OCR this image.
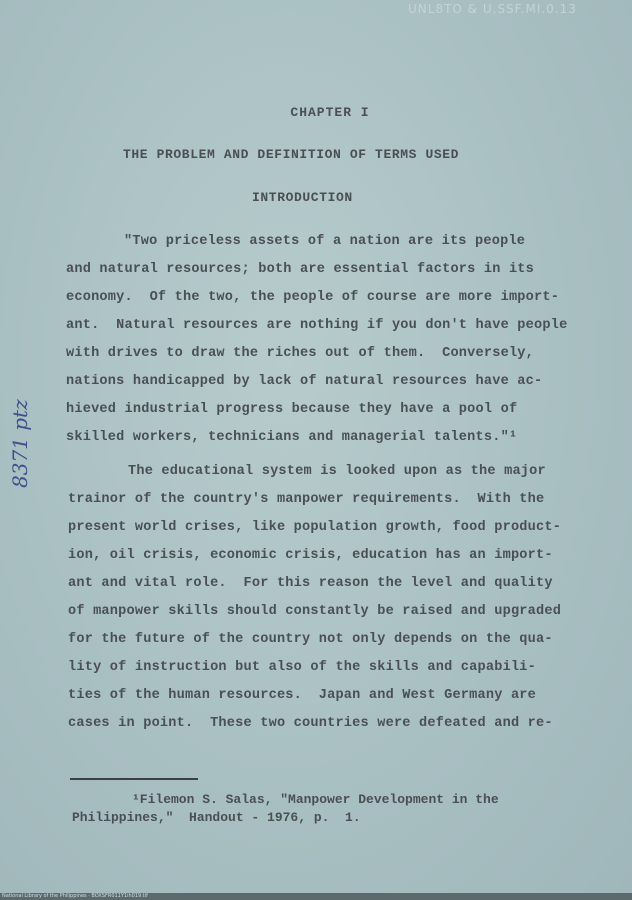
UNL8TO & U.SSF.MI.0.13
CHAPTER I
THE PROBLEM AND DEFINITION OF TERMS USED
INTRODUCTION
8371 ptz
"Two priceless assets of a nation are its people
and natural resources; both are essential factors in its
economy.  Of the two, the people of course are more import-
ant.  Natural resources are nothing if you don't have people
with drives to draw the riches out of them.  Conversely,
nations handicapped by lack of natural resources have ac-
hieved industrial progress because they have a pool of
skilled workers, technicians and managerial talents."¹
The educational system is looked upon as the major
trainor of the country's manpower requirements.  With the
present world crises, like population growth, food product-
ion, oil crisis, economic crisis, education has an import-
ant and vital role.  For this reason the level and quality
of manpower skills should constantly be raised and upgraded
for the future of the country not only depends on the qua-
lity of instruction but also of the skills and capabili-
ties of the human resources.  Japan and West Germany are
cases in point.  These two countries were defeated and re-
¹Filemon S. Salas, "Manpower Development in the
Philippines,"  Handout - 1976, p.  1.
National Library of the Philippines · BOXSFR011Y1ih019.tif
